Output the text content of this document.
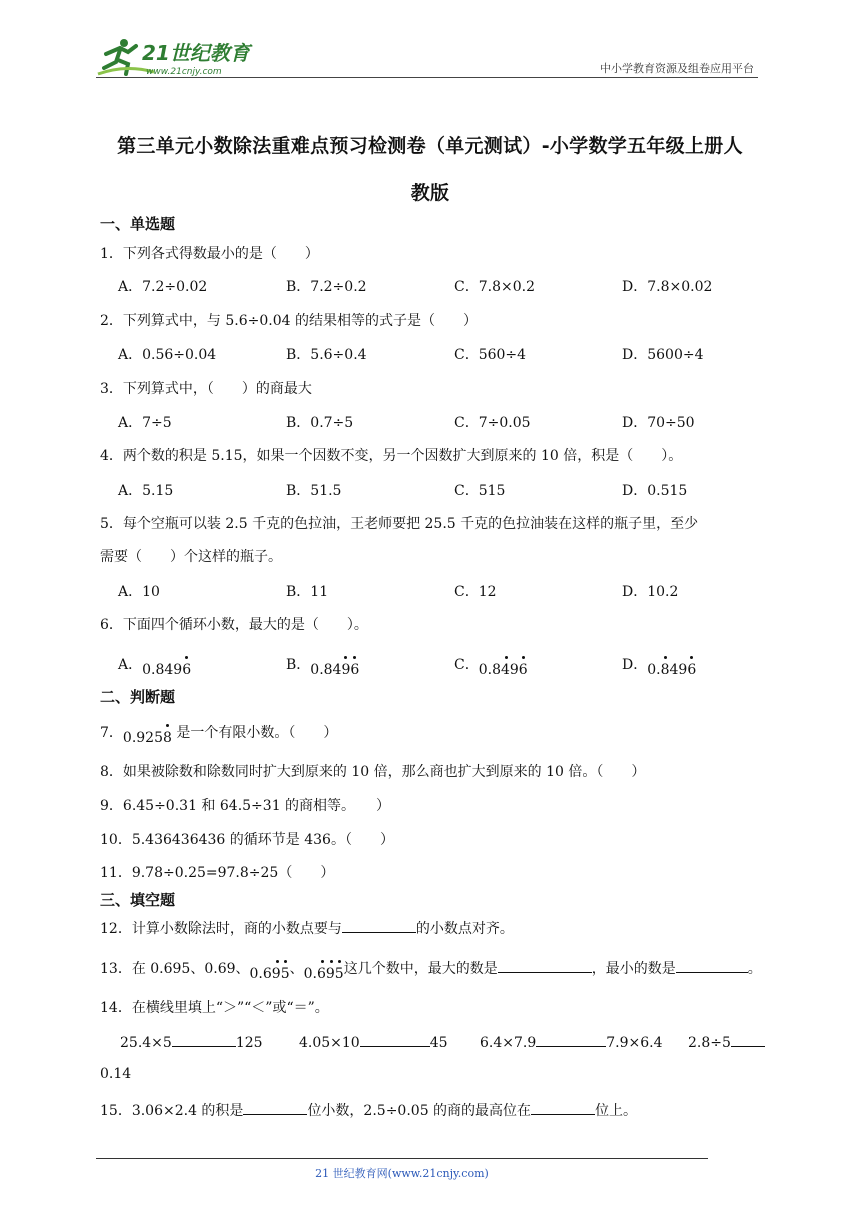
21世纪教育
www.21cnjy.com	中小学教育资源及组卷应用平台
第三单元小数除法重难点预习检测卷（单元测试）-小学数学五年级上册人
教版
一、单选题
1．下列各式得数最小的是（　　）
A．7.2÷0.02	B．7.2÷0.2	C．7.8×0.2	D．7.8×0.02
2．下列算式中，与 5.6÷0.04 的结果相等的式子是（　　）
A．0.56÷0.04	B．5.6÷0.4	C．560÷4	D．5600÷4
3．下列算式中，（　　）的商最大
A．7÷5	B．0.7÷5	C．7÷0.05	D．70÷50
4．两个数的积是 5.15，如果一个因数不变，另一个因数扩大到原来的 10 倍，积是（　　）。
A．5.15	B．51.5	C．515	D．0.515
5．每个空瓶可以装 2.5 千克的色拉油，王老师要把 25.5 千克的色拉油装在这样的瓶子里，至少
需要（　　）个这样的瓶子。
A．10	B．11	C．12	D．10.2
6．下面四个循环小数，最大的是（　　）。
A．0.8496	B．0.8496	C．0.8496	D．0.8496
二、判断题
7．0.9258 是一个有限小数。（　　）
8．如果被除数和除数同时扩大到原来的 10 倍，那么商也扩大到原来的 10 倍。（　　）
9．6.45÷0.31 和 64.5÷31 的商相等。　　）
10．5.436436436 的循环节是 436。（　　）
11．9.78÷0.25=97.8÷25（　　）
三、填空题
12．计算小数除法时，商的小数点要与	的小数点对齐。
13．在 0.695、0.69、0.695
、0.695
这几个数中，最大的数是	，最小的数是	。
14．在横线里填上“＞”“＜”或“＝”。
25.4×5	125	4.05×10	45 6.4×7.9	7.9×6.4 2.8÷5
0.14
15．3.06×2.4 的积是	位小数，2.5÷0.05 的商的最高位在	位上。
21 世纪教育网(www.21cnjy.com)
